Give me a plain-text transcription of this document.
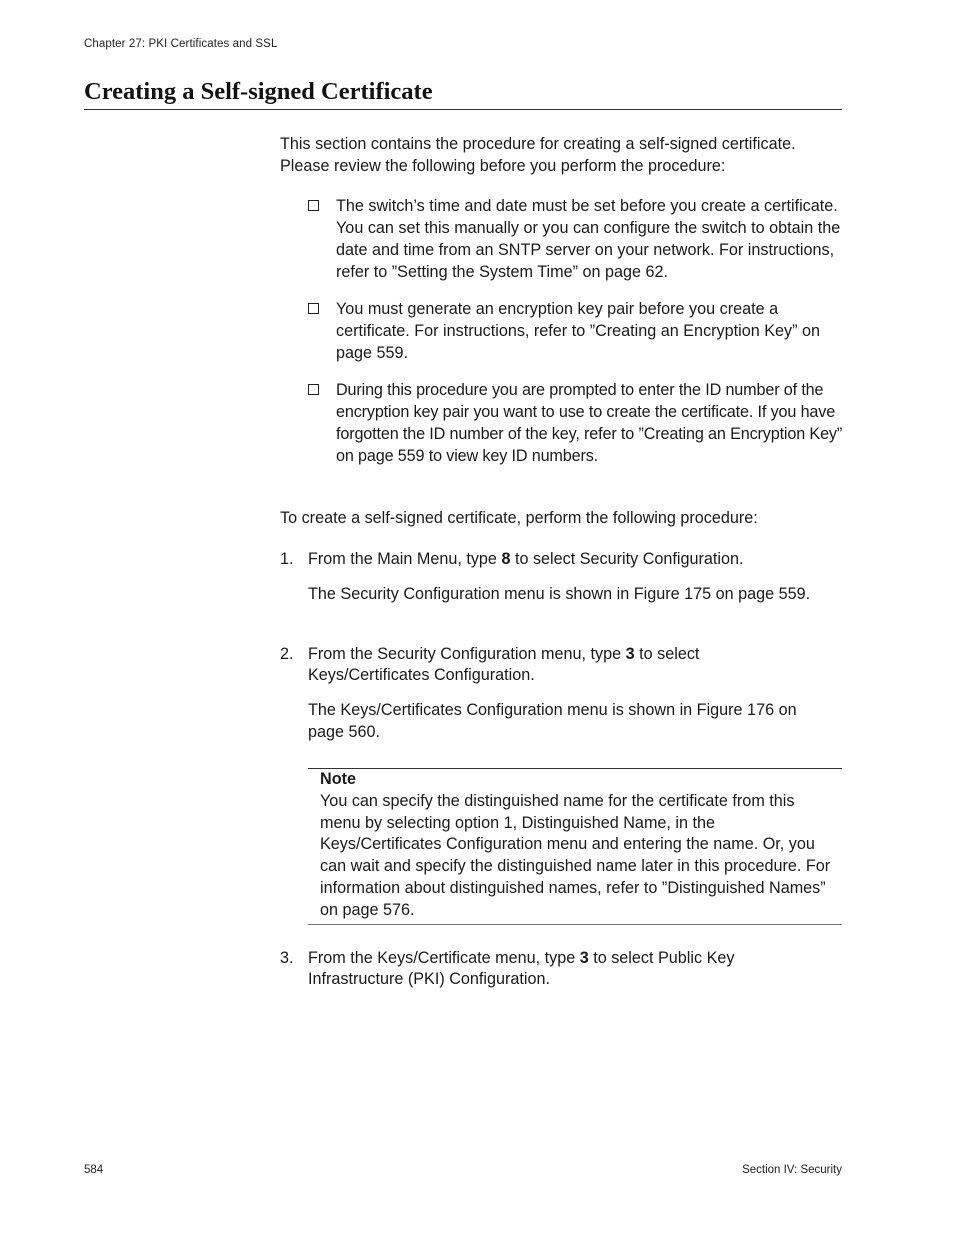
Chapter 27: PKI Certificates and SSL
Creating a Self-signed Certificate
This section contains the procedure for creating a self-signed certificate. Please review the following before you perform the procedure:
The switch’s time and date must be set before you create a certificate. You can set this manually or you can configure the switch to obtain the date and time from an SNTP server on your network. For instructions, refer to ”Setting the System Time” on page 62.
You must generate an encryption key pair before you create a certificate. For instructions, refer to ”Creating an Encryption Key” on page 559.
During this procedure you are prompted to enter the ID number of the encryption key pair you want to use to create the certificate. If you have forgotten the ID number of the key, refer to ”Creating an Encryption Key” on page 559 to view key ID numbers.
To create a self-signed certificate, perform the following procedure:
1. From the Main Menu, type 8 to select Security Configuration.
The Security Configuration menu is shown in Figure 175 on page 559.
2. From the Security Configuration menu, type 3 to select Keys/Certificates Configuration.
The Keys/Certificates Configuration menu is shown in Figure 176 on page 560.
Note
You can specify the distinguished name for the certificate from this menu by selecting option 1, Distinguished Name, in the Keys/Certificates Configuration menu and entering the name. Or, you can wait and specify the distinguished name later in this procedure. For information about distinguished names, refer to ”Distinguished Names” on page 576.
3. From the Keys/Certificate menu, type 3 to select Public Key Infrastructure (PKI) Configuration.
584	Section IV: Security
